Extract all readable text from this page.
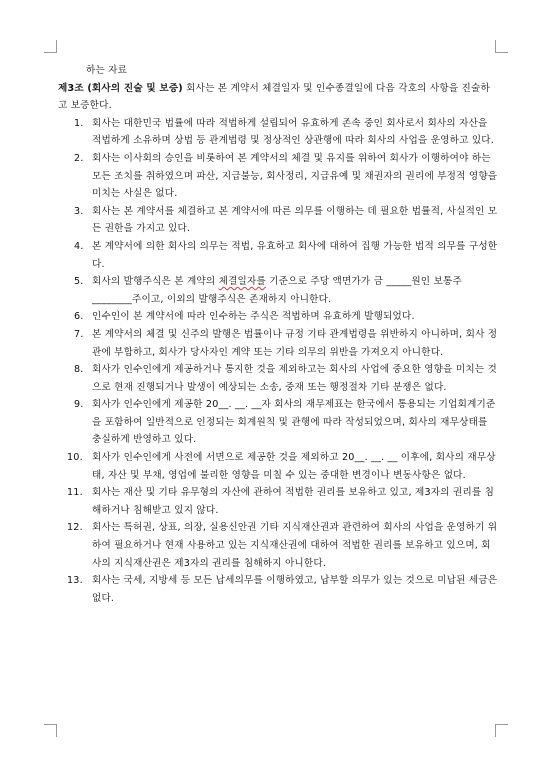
하는 자료

제3조 (회사의 진술 및 보증) 회사는 본 계약서 체결일자 및 인수종결일에 다음 각호의 사항을 진술하고 보증한다.

1. 회사는 대한민국 법률에 따라 적법하게 설립되어 유효하게 존속 중인 회사로서 회사의 자산을 적법하게 소유하며 상법 등 관계법령 및 정상적인 상관행에 따라 회사의 사업을 운영하고 있다.
2. 회사는 이사회의 승인을 비롯하여 본 계약서의 체결 및 유지를 위하여 회사가 이행하여야 하는 모든 조치를 취하였으며 파산, 지급불능, 회사정리, 지급유예 및 채권자의 권리에 부정적 영향을 미치는 사실은 없다.
3. 회사는 본 계약서를 체결하고 본 계약서에 따른 의무를 이행하는 데 필요한 법률적, 사실적인 모든 권한을 가지고 있다.
4. 본 계약서에 의한 회사의 의무는 적법, 유효하고 회사에 대하여 집행 가능한 법적 의무를 구성한다.
5. 회사의 발행주식은 본 계약의 체결일자를 기준으로 주당 액면가가 금 _____원인 보통주 ________주이고, 이외의 발행주식은 존재하지 아니한다.
6. 인수인이 본 계약서에 따라 인수하는 주식은 적법하며 유효하게 발행되었다.
7. 본 계약서의 체결 및 신주의 발행은 법률이나 규정 기타 관계법령을 위반하지 아니하며, 회사 정관에 부합하고, 회사가 당사자인 계약 또는 기타 의무의 위반을 가져오지 아니한다.
8. 회사가 인수인에게 제공하거나 통지한 것을 제외하고는 회사의 사업에 중요한 영향을 미치는 것으로 현재 진행되거나 발생이 예상되는 소송, 중재 또는 행정절차 기타 분쟁은 없다.
9. 회사가 인수인에게 제공한 20__. __. __자 회사의 재무제표는 한국에서 통용되는 기업회계기준을 포함하여 일반적으로 인정되는 회계원칙 및 관행에 따라 작성되었으며, 회사의 재무상태를 충실하게 반영하고 있다.
10. 회사가 인수인에게 사전에 서면으로 제공한 것을 제외하고 20__. __. __ 이후에, 회사의 재무상태, 자산 및 부채, 영업에 불리한 영향을 미칠 수 있는 중대한 변경이나 변동사항은 없다.
11. 회사는 재산 및 기타 유무형의 자산에 관하여 적법한 권리를 보유하고 있고, 제3자의 권리를 침해하거나 침해받고 있지 않다.
12. 회사는 특허권, 상표, 의장, 실용신안권 기타 지식재산권과 관련하여 회사의 사업을 운영하기 위하여 필요하거나 현재 사용하고 있는 지식재산권에 대하여 적법한 권리를 보유하고 있으며, 회사의 지식재산권은 제3자의 권리를 침해하지 아니한다.
13. 회사는 국세, 지방세 등 모든 납세의무를 이행하였고, 납부할 의무가 있는 것으로 미납된 세금은 없다.
